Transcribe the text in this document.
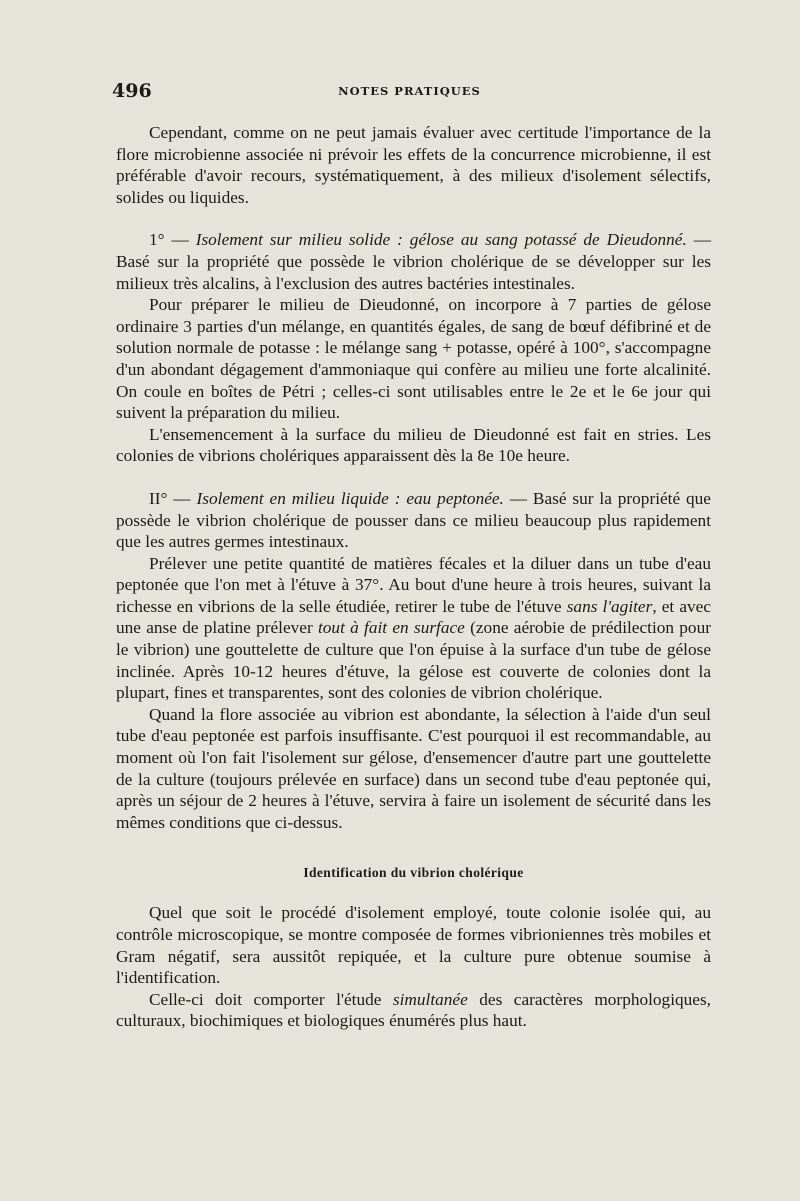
496	NOTES PRATIQUES

Cependant, comme on ne peut jamais évaluer avec certitude l'importance de la flore microbienne associée ni prévoir les effets de la concurrence microbienne, il est préférable d'avoir recours, systématiquement, à des milieux d'isolement sélectifs, solides ou liquides.

1° — Isolement sur milieu solide : gélose au sang potassé de Dieudonné. — Basé sur la propriété que possède le vibrion cholérique de se développer sur les milieux très alcalins, à l'exclusion des autres bactéries intestinales.

Pour préparer le milieu de Dieudonné, on incorpore à 7 parties de gélose ordinaire 3 parties d'un mélange, en quantités égales, de sang de bœuf défibriné et de solution normale de potasse : le mélange sang + potasse, opéré à 100°, s'accompagne d'un abondant dégagement d'ammoniaque qui confère au milieu une forte alcalinité. On coule en boîtes de Pétri ; celles-ci sont utilisables entre le 2e et le 6e jour qui suivent la préparation du milieu.

L'ensemencement à la surface du milieu de Dieudonné est fait en stries. Les colonies de vibrions cholériques apparaissent dès la 8e 10e heure.

II° — Isolement en milieu liquide : eau peptonée. — Basé sur la propriété que possède le vibrion cholérique de pousser dans ce milieu beaucoup plus rapidement que les autres germes intestinaux.

Prélever une petite quantité de matières fécales et la diluer dans un tube d'eau peptonée que l'on met à l'étuve à 37°. Au bout d'une heure à trois heures, suivant la richesse en vibrions de la selle étudiée, retirer le tube de l'étuve sans l'agiter, et avec une anse de platine prélever tout à fait en surface (zone aérobie de prédilection pour le vibrion) une gouttelette de culture que l'on épuise à la surface d'un tube de gélose inclinée. Après 10-12 heures d'étuve, la gélose est couverte de colonies dont la plupart, fines et transparentes, sont des colonies de vibrion cholérique.

Quand la flore associée au vibrion est abondante, la sélection à l'aide d'un seul tube d'eau peptonée est parfois insuffisante. C'est pourquoi il est recommandable, au moment où l'on fait l'isolement sur gélose, d'ensemencer d'autre part une gouttelette de la culture (toujours prélevée en surface) dans un second tube d'eau peptonée qui, après un séjour de 2 heures à l'étuve, servira à faire un isolement de sécurité dans les mêmes conditions que ci-dessus.

Identification du vibrion cholérique

Quel que soit le procédé d'isolement employé, toute colonie isolée qui, au contrôle microscopique, se montre composée de formes vibrioniennes très mobiles et Gram négatif, sera aussitôt repiquée, et la culture pure obtenue soumise à l'identification.

Celle-ci doit comporter l'étude simultanée des caractères morphologiques, culturaux, biochimiques et biologiques énumérés plus haut.
